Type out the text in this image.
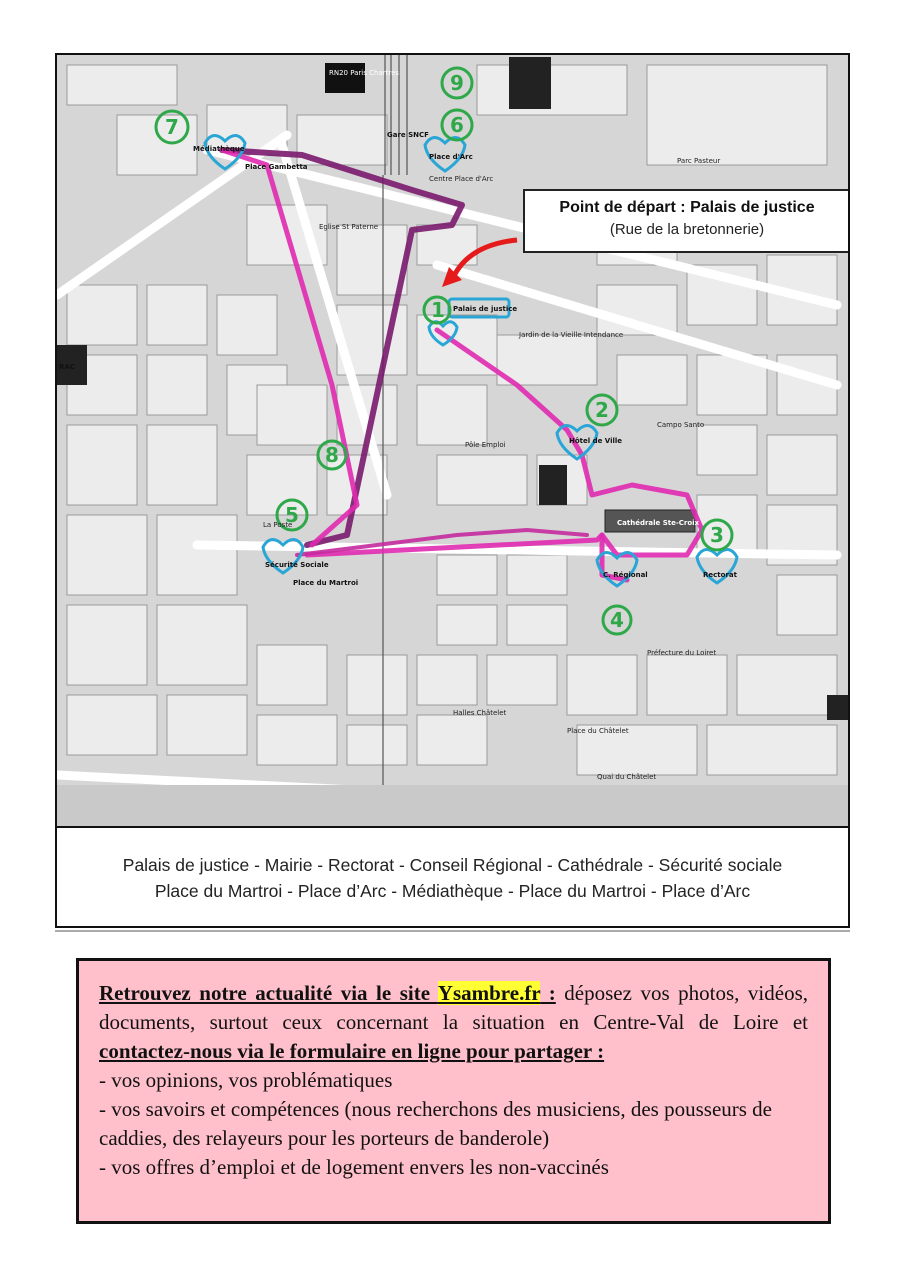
7
9
6
1
2
3
4
5
8
RN20 Paris Chartres
Gare SNCF
Médiathèque
Place Gambetta
Place d'Arc
Centre Place d'Arc
Palais de justice
Jardin de la Vieille Intendance
Hôtel de Ville
Cathédrale Ste-Croix
Rectorat
Sécurité Sociale
Place du Martroi
C. Régional
Préfecture du Loiret
Place du Châtelet
Halles Châtelet
Quai du Châtelet
Campo Santo
Pôle Emploi
Eglise St Paterne
Parc Pasteur
La Poste
RAC
Point de départ : Palais de justice
(Rue de la bretonnerie)
Palais de justice - Mairie - Rectorat - Conseil Régional - Cathédrale - Sécurité sociale
Place du Martroi - Place d’Arc - Médiathèque - Place du Martroi - Place d’Arc

Retrouvez notre actualité via le site Ysambre.fr : déposez vos photos, vidéos, documents, surtout ceux concernant la situation en Centre-Val de Loire et contactez-nous via le formulaire en ligne pour partager :

- vos opinions, vos problématiques
- vos savoirs et compétences (nous recherchons des musiciens, des pousseurs de caddies, des relayeurs pour les porteurs de banderole)
- vos offres d’emploi et de logement envers les non-vaccinés
